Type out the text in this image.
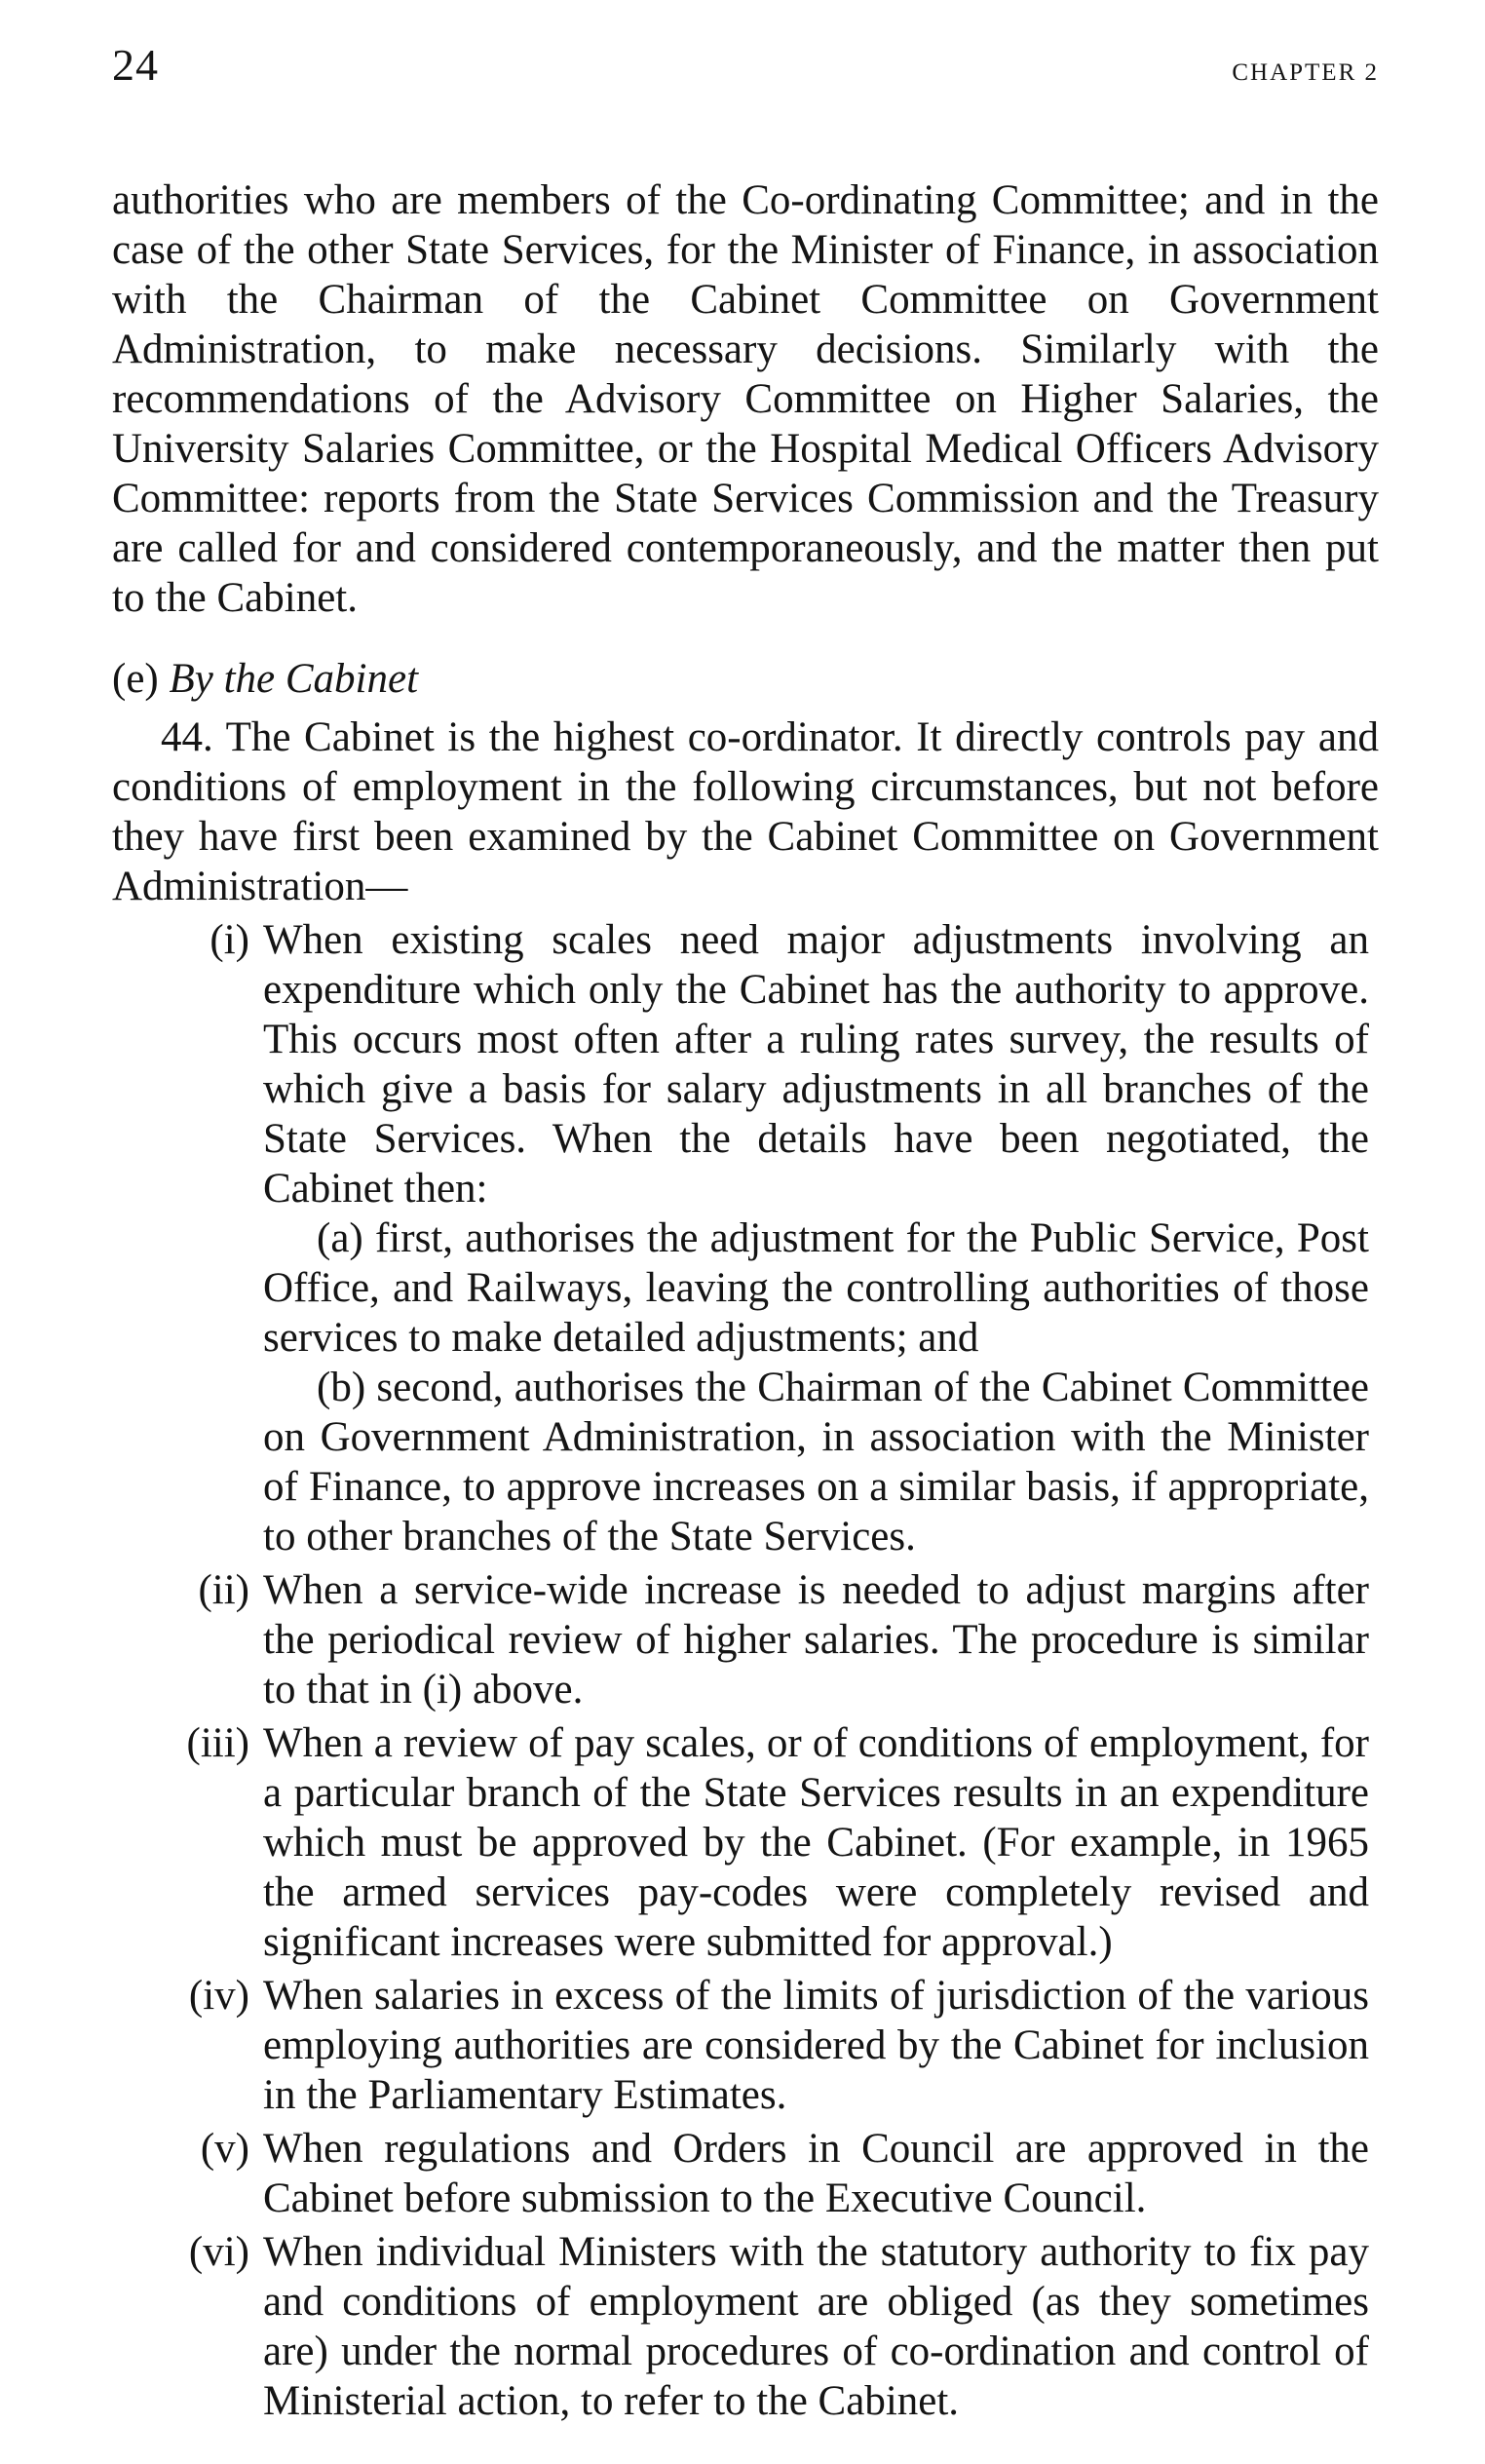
24	CHAPTER 2

authorities who are members of the Co-ordinating Committee; and in the case of the other State Services, for the Minister of Finance, in association with the Chairman of the Cabinet Committee on Government Administration, to make necessary decisions. Similarly with the recommendations of the Advisory Committee on Higher Salaries, the University Salaries Committee, or the Hospital Medical Officers Advisory Committee: reports from the State Services Commission and the Treasury are called for and considered contemporaneously, and the matter then put to the Cabinet.

(e) By the Cabinet

44. The Cabinet is the highest co-ordinator. It directly controls pay and conditions of employment in the following circumstances, but not before they have first been examined by the Cabinet Committee on Government Administration—

(i) When existing scales need major adjustments involving an expenditure which only the Cabinet has the authority to approve. This occurs most often after a ruling rates survey, the results of which give a basis for salary adjustments in all branches of the State Services. When the details have been negotiated, the Cabinet then:

(a) first, authorises the adjustment for the Public Service, Post Office, and Railways, leaving the controlling authorities of those services to make detailed adjustments; and

(b) second, authorises the Chairman of the Cabinet Committee on Government Administration, in association with the Minister of Finance, to approve increases on a similar basis, if appropriate, to other branches of the State Services.

(ii) When a service-wide increase is needed to adjust margins after the periodical review of higher salaries. The procedure is similar to that in (i) above.

(iii) When a review of pay scales, or of conditions of employment, for a particular branch of the State Services results in an expenditure which must be approved by the Cabinet. (For example, in 1965 the armed services pay-codes were completely revised and significant increases were submitted for approval.)

(iv) When salaries in excess of the limits of jurisdiction of the various employing authorities are considered by the Cabinet for inclusion in the Parliamentary Estimates.

(v) When regulations and Orders in Council are approved in the Cabinet before submission to the Executive Council.

(vi) When individual Ministers with the statutory authority to fix pay and conditions of employment are obliged (as they sometimes are) under the normal procedures of co-ordination and control of Ministerial action, to refer to the Cabinet.
